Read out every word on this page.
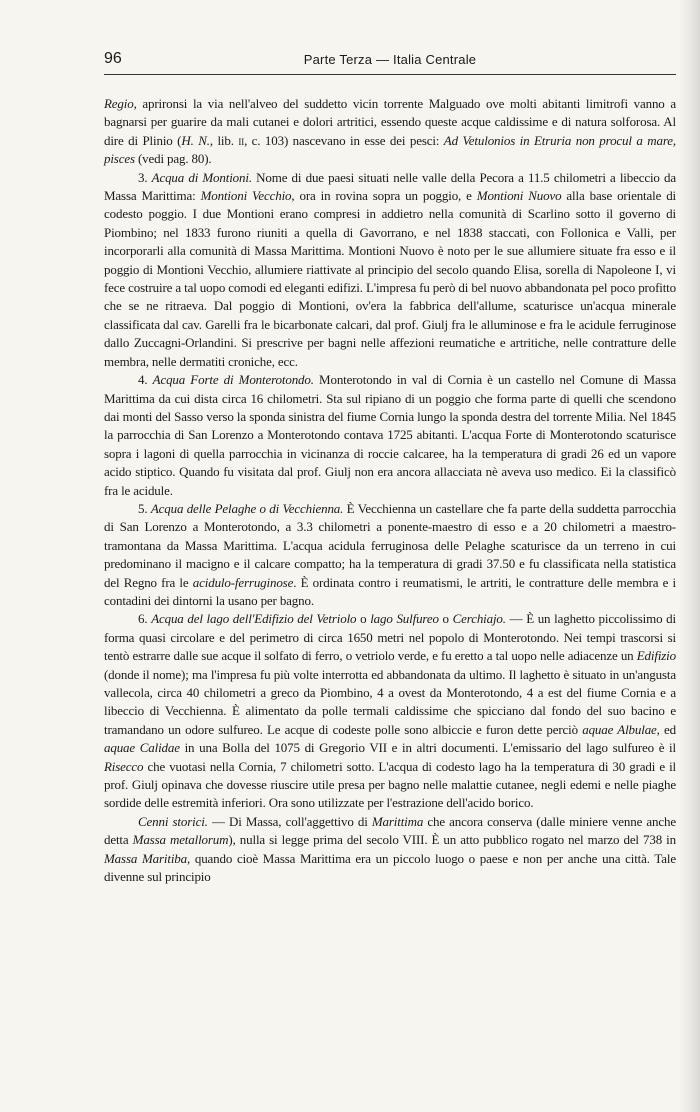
96	Parte Terza — Italia Centrale

Regio, aprironsi la via nell'alveo del suddetto vicin torrente Malguado ove molti abitanti limitrofi vanno a bagnarsi per guarire da mali cutanei e dolori artritici, essendo queste acque caldissime e di natura solforosa. Al dire di Plinio (H. N., lib. ii, c. 103) nascevano in esse dei pesci: Ad Vetulonios in Etruria non procul a mare, pisces (vedi pag. 80).

3. Acqua di Montioni. Nome di due paesi situati nelle valle della Pecora a 11.5 chilometri a libeccio da Massa Marittima: Montioni Vecchio, ora in rovina sopra un poggio, e Montioni Nuovo alla base orientale di codesto poggio. I due Montioni erano compresi in addietro nella comunità di Scarlino sotto il governo di Piombino; nel 1833 furono riuniti a quella di Gavorrano, e nel 1838 staccati, con Follonica e Valli, per incorporarli alla comunità di Massa Marittima. Montioni Nuovo è noto per le sue allumiere situate fra esso e il poggio di Montioni Vecchio, allumiere riattivate al principio del secolo quando Elisa, sorella di Napoleone I, vi fece costruire a tal uopo comodi ed eleganti edifizi. L'impresa fu però di bel nuovo abbandonata pel poco profitto che se ne ritraeva. Dal poggio di Montioni, ov'era la fabbrica dell'allume, scaturisce un'acqua minerale classificata dal cav. Garelli fra le bicarbonate calcari, dal prof. Giulj fra le alluminose e fra le acidule ferruginose dallo Zuccagni-Orlandini. Si prescrive per bagni nelle affezioni reumatiche e artritiche, nelle contratture delle membra, nelle dermatiti croniche, ecc.

4. Acqua Forte di Monterotondo. Monterotondo in val di Cornia è un castello nel Comune di Massa Marittima da cui dista circa 16 chilometri. Sta sul ripiano di un poggio che forma parte di quelli che scendono dai monti del Sasso verso la sponda sinistra del fiume Cornia lungo la sponda destra del torrente Milia. Nel 1845 la parrocchia di San Lorenzo a Monterotondo contava 1725 abitanti. L'acqua Forte di Monterotondo scaturisce sopra i lagoni di quella parrocchia in vicinanza di roccie calcaree, ha la temperatura di gradi 26 ed un vapore acido stiptico. Quando fu visitata dal prof. Giulj non era ancora allacciata nè aveva uso medico. Ei la classificò fra le acidule.

5. Acqua delle Pelaghe o di Vecchienna. È Vecchienna un castellare che fa parte della suddetta parrocchia di San Lorenzo a Monterotondo, a 3.3 chilometri a ponente-maestro di esso e a 20 chilometri a maestro-tramontana da Massa Marittima. L'acqua acidula ferruginosa delle Pelaghe scaturisce da un terreno in cui predominano il macigno e il calcare compatto; ha la temperatura di gradi 37.50 e fu classificata nella statistica del Regno fra le acidulo-ferruginose. È ordinata contro i reumatismi, le artriti, le contratture delle membra e i contadini dei dintorni la usano per bagno.

6. Acqua del lago dell'Edifizio del Vetriolo o lago Sulfureo o Cerchiajo. — È un laghetto piccolissimo di forma quasi circolare e del perimetro di circa 1650 metri nel popolo di Monterotondo. Nei tempi trascorsi si tentò estrarre dalle sue acque il solfato di ferro, o vetriolo verde, e fu eretto a tal uopo nelle adiacenze un Edifizio (donde il nome); ma l'impresa fu più volte interrotta ed abbandonata da ultimo. Il laghetto è situato in un'angusta vallecola, circa 40 chilometri a greco da Piombino, 4 a ovest da Monterotondo, 4 a est del fiume Cornia e a libeccio di Vecchienna. È alimentato da polle termali caldissime che spicciano dal fondo del suo bacino e tramandano un odore sulfureo. Le acque di codeste polle sono albiccie e furon dette perciò aquae Albulae, ed aquae Calidae in una Bolla del 1075 di Gregorio VII e in altri documenti. L'emissario del lago sulfureo è il Risecco che vuotasi nella Cornia, 7 chilometri sotto. L'acqua di codesto lago ha la temperatura di 30 gradi e il prof. Giulj opinava che dovesse riuscire utile presa per bagno nelle malattie cutanee, negli edemi e nelle piaghe sordide delle estremità inferiori. Ora sono utilizzate per l'estrazione dell'acido borico.

Cenni storici. — Di Massa, coll'aggettivo di Marittima che ancora conserva (dalle miniere venne anche detta Massa metallorum), nulla si legge prima del secolo VIII. È un atto pubblico rogato nel marzo del 738 in Massa Maritiba, quando cioè Massa Marittima era un piccolo luogo o paese e non per anche una città. Tale divenne sul principio
